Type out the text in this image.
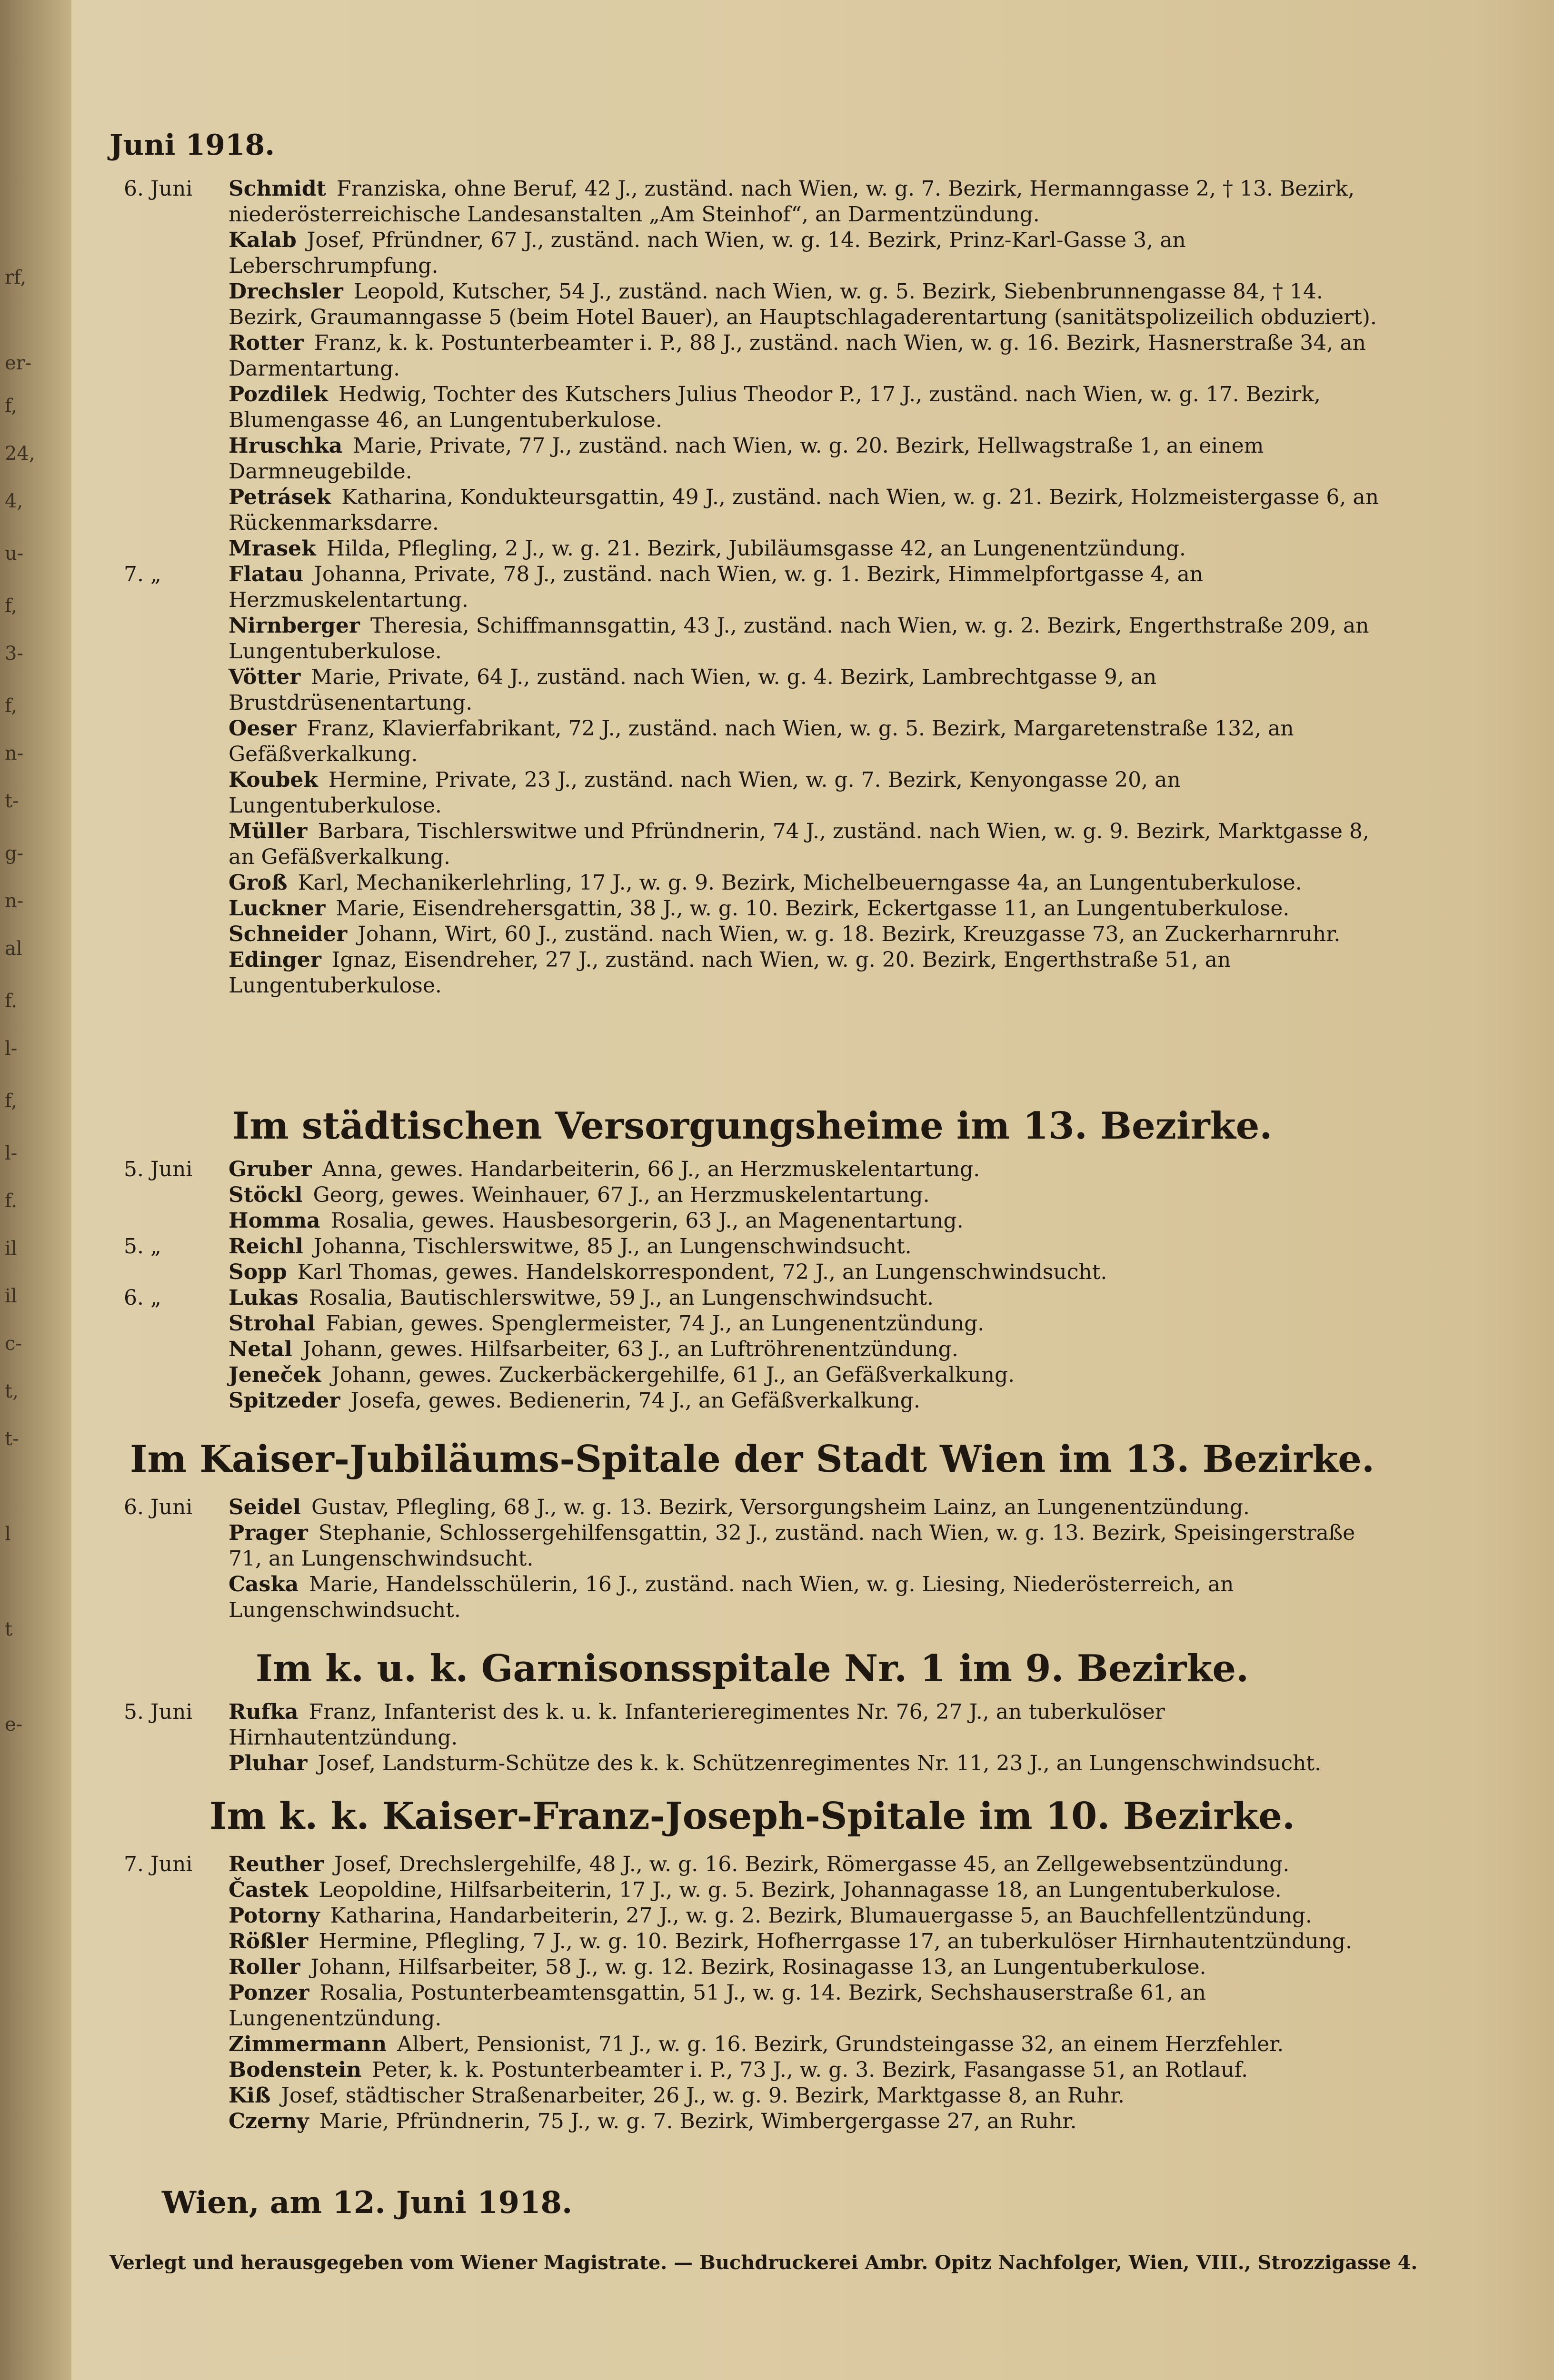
rf,
er-
f,
24,
4,
u-
f,
3-
f,
n-
t-
g-
n-
al
f.
l-
f,
l-
f.
il
il
c-
t,
t-
l
t
e-
Juni 1918.
6. Juni	Schmidt Franziska, ohne Beruf, 42 J., zuständ. nach Wien, w. g. 7. Bezirk, Hermanngasse 2, † 13. Bezirk, niederösterreichische Landesanstalten „Am Steinhof“, an Darmentzündung.
Kalab Josef, Pfründner, 67 J., zuständ. nach Wien, w. g. 14. Bezirk, Prinz-Karl-Gasse 3, an Leberschrumpfung.
Drechsler Leopold, Kutscher, 54 J., zuständ. nach Wien, w. g. 5. Bezirk, Siebenbrunnengasse 84, † 14. Bezirk, Graumanngasse 5 (beim Hotel Bauer), an Hauptschlagaderentartung (sanitätspolizeilich obduziert).
Rotter Franz, k. k. Postunterbeamter i. P., 88 J., zuständ. nach Wien, w. g. 16. Bezirk, Hasnerstraße 34, an Darmentartung.
Pozdilek Hedwig, Tochter des Kutschers Julius Theodor P., 17 J., zuständ. nach Wien, w. g. 17. Bezirk, Blumengasse 46, an Lungentuberkulose.
Hruschka Marie, Private, 77 J., zuständ. nach Wien, w. g. 20. Bezirk, Hellwagstraße 1, an einem Darmneugebilde.
Petrásek Katharina, Kondukteursgattin, 49 J., zuständ. nach Wien, w. g. 21. Bezirk, Holzmeistergasse 6, an Rückenmarksdarre.
Mrasek Hilda, Pflegling, 2 J., w. g. 21. Bezirk, Jubiläumsgasse 42, an Lungenentzündung.
7. „	Flatau Johanna, Private, 78 J., zuständ. nach Wien, w. g. 1. Bezirk, Himmelpfortgasse 4, an Herzmuskelentartung.
Nirnberger Theresia, Schiffmannsgattin, 43 J., zuständ. nach Wien, w. g. 2. Bezirk, Engerthstraße 209, an Lungentuberkulose.
Vötter Marie, Private, 64 J., zuständ. nach Wien, w. g. 4. Bezirk, Lambrechtgasse 9, an Brustdrüsenentartung.
Oeser Franz, Klavierfabrikant, 72 J., zuständ. nach Wien, w. g. 5. Bezirk, Margaretenstraße 132, an Gefäßverkalkung.
Koubek Hermine, Private, 23 J., zuständ. nach Wien, w. g. 7. Bezirk, Kenyongasse 20, an Lungentuberkulose.
Müller Barbara, Tischlerswitwe und Pfründnerin, 74 J., zuständ. nach Wien, w. g. 9. Bezirk, Marktgasse 8, an Gefäßverkalkung.
Groß Karl, Mechanikerlehrling, 17 J., w. g. 9. Bezirk, Michelbeuerngasse 4a, an Lungentuberkulose.
Luckner Marie, Eisendrehersgattin, 38 J., w. g. 10. Bezirk, Eckertgasse 11, an Lungentuberkulose.
Schneider Johann, Wirt, 60 J., zuständ. nach Wien, w. g. 18. Bezirk, Kreuzgasse 73, an Zuckerharnruhr.
Edinger Ignaz, Eisendreher, 27 J., zuständ. nach Wien, w. g. 20. Bezirk, Engerthstraße 51, an Lungentuberkulose.
Im städtischen Versorgungsheime im 13. Bezirke.
5. Juni	Gruber Anna, gewes. Handarbeiterin, 66 J., an Herzmuskelentartung.
Stöckl Georg, gewes. Weinhauer, 67 J., an Herzmuskelentartung.
Homma Rosalia, gewes. Hausbesorgerin, 63 J., an Magenentartung.
5. „	Reichl Johanna, Tischlerswitwe, 85 J., an Lungenschwindsucht.
Sopp Karl Thomas, gewes. Handelskorrespondent, 72 J., an Lungenschwindsucht.
6. „	Lukas Rosalia, Bautischlerswitwe, 59 J., an Lungenschwindsucht.
Strohal Fabian, gewes. Spenglermeister, 74 J., an Lungenentzündung.
Netal Johann, gewes. Hilfsarbeiter, 63 J., an Luftröhrenentzündung.
Jeneček Johann, gewes. Zuckerbäckergehilfe, 61 J., an Gefäßverkalkung.
Spitzeder Josefa, gewes. Bedienerin, 74 J., an Gefäßverkalkung.
Im Kaiser-Jubiläums-Spitale der Stadt Wien im 13. Bezirke.
6. Juni	Seidel Gustav, Pflegling, 68 J., w. g. 13. Bezirk, Versorgungsheim Lainz, an Lungenentzündung.
Prager Stephanie, Schlossergehilfensgattin, 32 J., zuständ. nach Wien, w. g. 13. Bezirk, Speisingerstraße 71, an Lungenschwindsucht.
Caska Marie, Handelsschülerin, 16 J., zuständ. nach Wien, w. g. Liesing, Niederösterreich, an Lungenschwindsucht.
Im k. u. k. Garnisonsspitale Nr. 1 im 9. Bezirke.
5. Juni	Rufka Franz, Infanterist des k. u. k. Infanterieregimentes Nr. 76, 27 J., an tuberkulöser Hirnhautentzündung.
Pluhar Josef, Landsturm-Schütze des k. k. Schützenregimentes Nr. 11, 23 J., an Lungenschwindsucht.
Im k. k. Kaiser-Franz-Joseph-Spitale im 10. Bezirke.
7. Juni	Reuther Josef, Drechslergehilfe, 48 J., w. g. 16. Bezirk, Römergasse 45, an Zellgewebsentzündung.
Častek Leopoldine, Hilfsarbeiterin, 17 J., w. g. 5. Bezirk, Johannagasse 18, an Lungentuberkulose.
Potorny Katharina, Handarbeiterin, 27 J., w. g. 2. Bezirk, Blumauergasse 5, an Bauchfellentzündung.
Rößler Hermine, Pflegling, 7 J., w. g. 10. Bezirk, Hofherrgasse 17, an tuberkulöser Hirnhautentzündung.
Roller Johann, Hilfsarbeiter, 58 J., w. g. 12. Bezirk, Rosinagasse 13, an Lungentuberkulose.
Ponzer Rosalia, Postunterbeamtensgattin, 51 J., w. g. 14. Bezirk, Sechshauserstraße 61, an Lungenentzündung.
Zimmermann Albert, Pensionist, 71 J., w. g. 16. Bezirk, Grundsteingasse 32, an einem Herzfehler.
Bodenstein Peter, k. k. Postunterbeamter i. P., 73 J., w. g. 3. Bezirk, Fasangasse 51, an Rotlauf.
Kiß Josef, städtischer Straßenarbeiter, 26 J., w. g. 9. Bezirk, Marktgasse 8, an Ruhr.
Czerny Marie, Pfründnerin, 75 J., w. g. 7. Bezirk, Wimbergergasse 27, an Ruhr.
Wien, am 12. Juni 1918.
Verlegt und herausgegeben vom Wiener Magistrate. — Buchdruckerei Ambr. Opitz Nachfolger, Wien, VIII., Strozzigasse 4.
